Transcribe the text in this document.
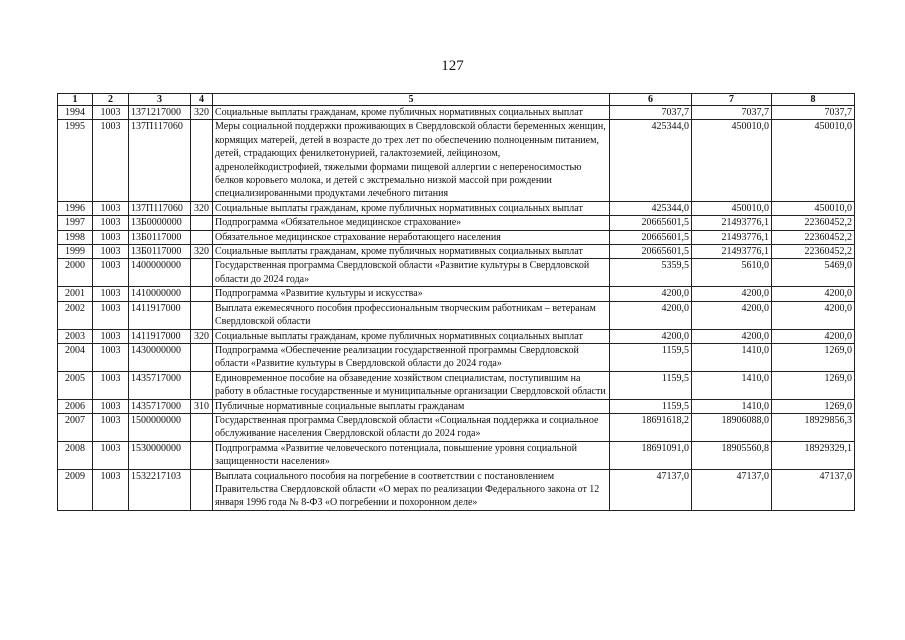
127
1	2	3	4	5	6	7	8
1994	1003	1371217000	320	Социальные выплаты гражданам, кроме публичных нормативных социальных выплат	7037,7	7037,7	7037,7
1995	1003	137П117060		Меры социальной поддержки проживающих в Свердловской области беременных женщин, кормящих матерей, детей в возрасте до трех лет по обеспечению полноценным питанием, детей, страдающих фенилкетонурией, галактоземией, лейцинозом, адренолейкодистрофией, тяжелыми формами пищевой аллергии с непереносимостью белков коровьего молока, и детей с экстремально низкой массой при рождении специализированными продуктами лечебного питания	425344,0	450010,0	450010,0
1996	1003	137П117060	320	Социальные выплаты гражданам, кроме публичных нормативных социальных выплат	425344,0	450010,0	450010,0
1997	1003	13Б0000000		Подпрограмма «Обязательное медицинское страхование»	20665601,5	21493776,1	22360452,2
1998	1003	13Б0117000		Обязательное медицинское страхование неработающего населения	20665601,5	21493776,1	22360452,2
1999	1003	13Б0117000	320	Социальные выплаты гражданам, кроме публичных нормативных социальных выплат	20665601,5	21493776,1	22360452,2
2000	1003	1400000000		Государственная программа Свердловской области «Развитие культуры в Свердловской области до 2024 года»	5359,5	5610,0	5469,0
2001	1003	1410000000		Подпрограмма «Развитие культуры и искусства»	4200,0	4200,0	4200,0
2002	1003	1411917000		Выплата ежемесячного пособия профессиональным творческим работникам – ветеранам Свердловской области	4200,0	4200,0	4200,0
2003	1003	1411917000	320	Социальные выплаты гражданам, кроме публичных нормативных социальных выплат	4200,0	4200,0	4200,0
2004	1003	1430000000		Подпрограмма «Обеспечение реализации государственной программы Свердловской области «Развитие культуры в Свердловской области до 2024 года»	1159,5	1410,0	1269,0
2005	1003	1435717000		Единовременное пособие на обзаведение хозяйством специалистам, поступившим на работу в областные государственные и муниципальные организации Свердловской области	1159,5	1410,0	1269,0
2006	1003	1435717000	310	Публичные нормативные социальные выплаты гражданам	1159,5	1410,0	1269,0
2007	1003	1500000000		Государственная программа Свердловской области «Социальная поддержка и социальное обслуживание населения Свердловской области до 2024 года»	18691618,2	18906088,0	18929856,3
2008	1003	1530000000		Подпрограмма «Развитие человеческого потенциала, повышение уровня социальной защищенности населения»	18691091,0	18905560,8	18929329,1
2009	1003	1532217103		Выплата социального пособия на погребение в соответствии с постановлением Правительства Свердловской области «О мерах по реализации Федерального закона от 12 января 1996 года № 8-ФЗ «О погребении и похоронном деле»	47137,0	47137,0	47137,0
